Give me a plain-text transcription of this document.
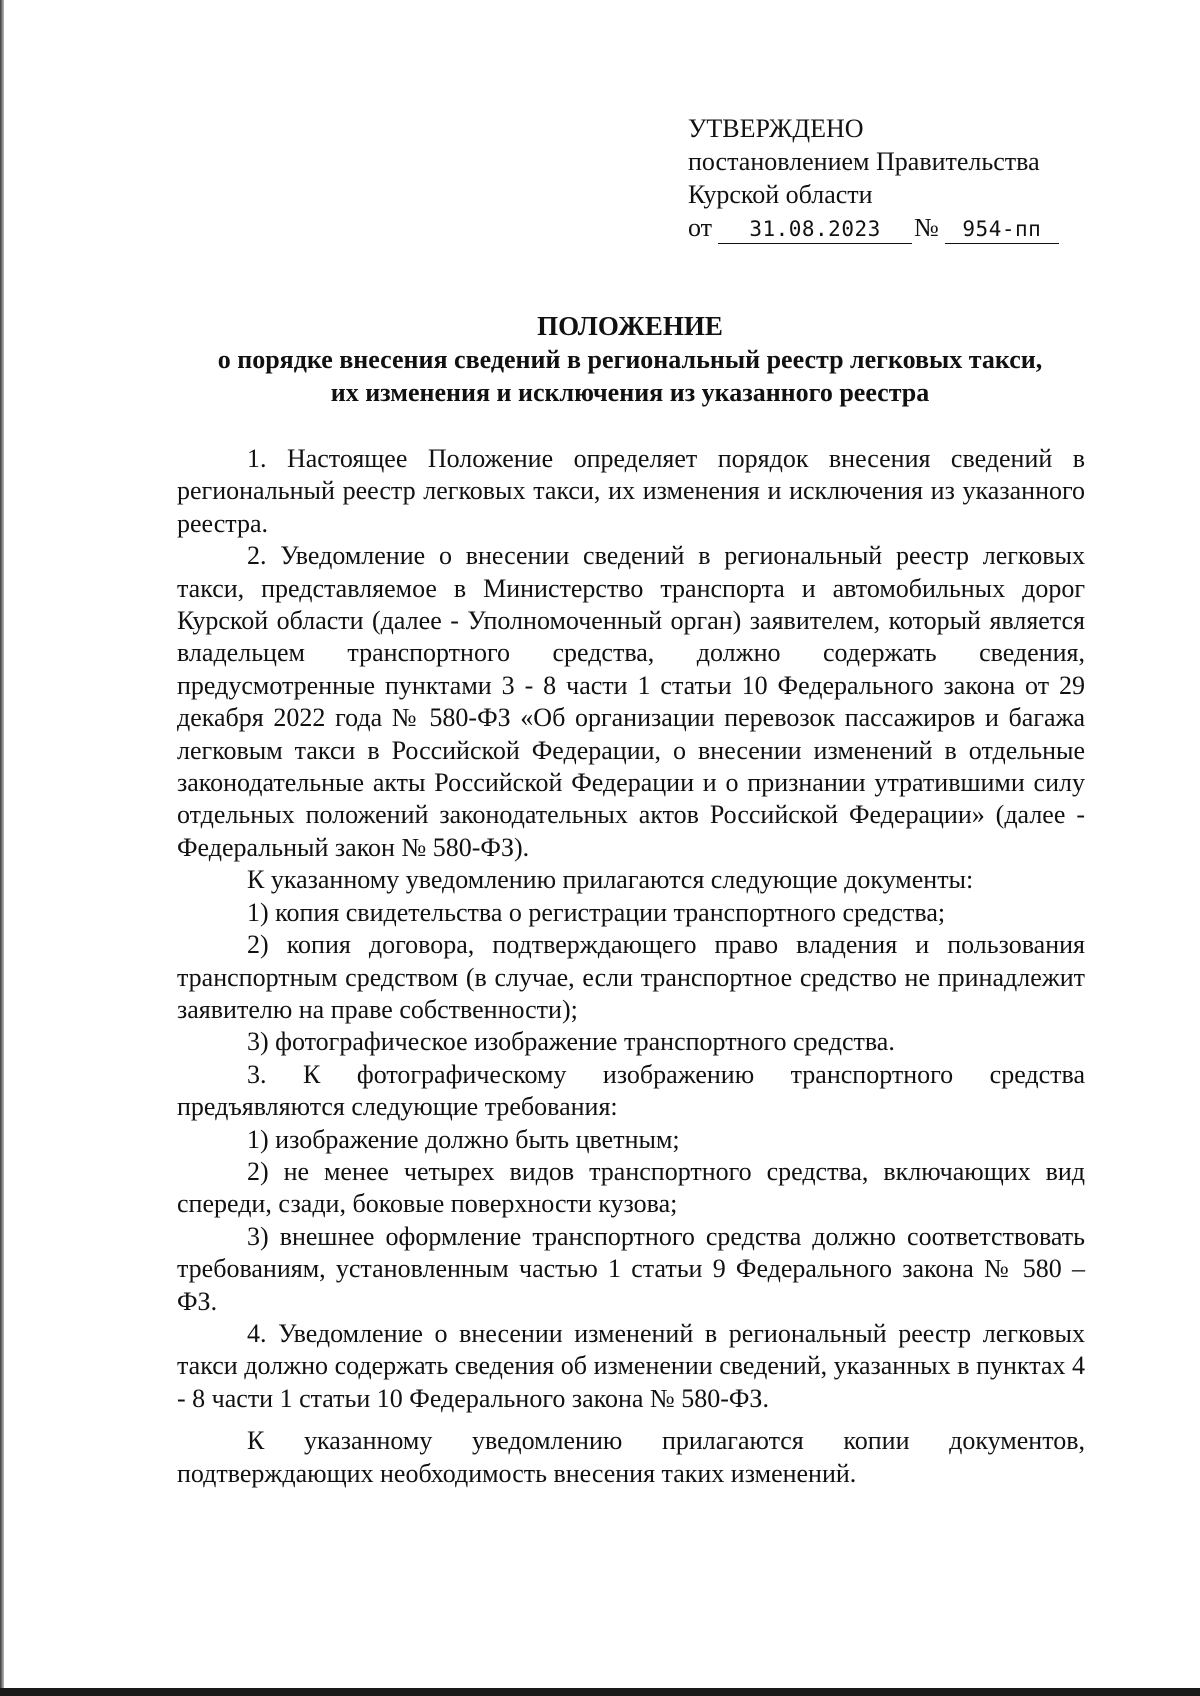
УТВЕРЖДЕНО
постановлением Правительства
Курской области
от	31.08.2023	№	954-пп
ПОЛОЖЕНИЕ
о порядке внесения сведений в региональный реестр легковых такси,
их изменения и исключения из указанного реестра

1. Настоящее Положение определяет порядок внесения сведений в региональный реестр легковых такси, их изменения и исключения из указанного реестра.

2. Уведомление о внесении сведений в региональный реестр легковых такси, представляемое в Министерство транспорта и автомобильных дорог Курской области (далее - Уполномоченный орган) заявителем, который является владельцем транспортного средства, должно содержать сведения, предусмотренные пунктами 3 - 8 части 1 статьи 10 Федерального закона от 29 декабря 2022 года № 580-ФЗ «Об организации перевозок пассажиров и багажа легковым такси в Российской Федерации, о внесении изменений в отдельные законодательные акты Российской Федерации и о признании утратившими силу отдельных положений законодательных актов Российской Федерации» (далее - Федеральный закон № 580-ФЗ).

К указанному уведомлению прилагаются следующие документы:

1) копия свидетельства о регистрации транспортного средства;

2) копия договора, подтверждающего право владения и пользования транспортным средством (в случае, если транспортное средство не принадлежит заявителю на праве собственности);

3) фотографическое изображение транспортного средства.

3. К фотографическому изображению транспортного средства предъявляются следующие требования:

1) изображение должно быть цветным;

2) не менее четырех видов транспортного средства, включающих вид спереди, сзади, боковые поверхности кузова;

3) внешнее оформление транспортного средства должно соответствовать требованиям, установленным частью 1 статьи 9 Федерального закона № 580 – ФЗ.

4. Уведомление о внесении изменений в региональный реестр легковых такси должно содержать сведения об изменении сведений, указанных в пунктах 4 - 8 части 1 статьи 10 Федерального закона № 580-ФЗ.

К указанному уведомлению прилагаются копии документов, подтверждающих необходимость внесения таких изменений.
